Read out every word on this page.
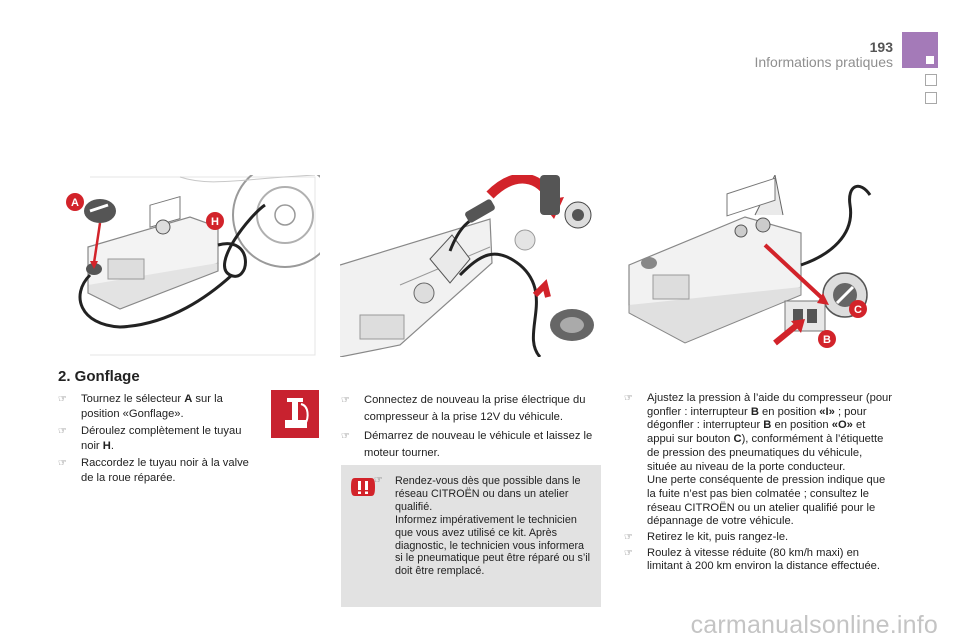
193
Informations pratiques
A
H
C
B
2. Gonflage
☞ Tournez le sélecteur A sur la position «Gonflage».
☞ Déroulez complètement le tuyau noir H.
☞ Raccordez le tuyau noir à la valve de la roue réparée.
☞ Connectez de nouveau la prise électrique du compresseur à la prise 12V du véhicule.
☞ Démarrez de nouveau le véhicule et laissez le moteur tourner.
☞ Rendez-vous dès que possible dans le réseau CITROËN ou dans un atelier qualifié.
Informez impérativement le technicien que vous avez utilisé ce kit. Après diagnostic, le technicien vous informera si le pneumatique peut être réparé ou s’il doit être remplacé.
☞ Ajustez la pression à l’aide du compresseur (pour gonfler : interrupteur B en position «I» ; pour dégonfler : interrupteur B en position «O» et appui sur bouton C), conformément à l’étiquette de pression des pneumatiques du véhicule, située au niveau de la porte conducteur.
Une perte conséquente de pression indique que la fuite n’est pas bien colmatée ; consultez le réseau CITROËN ou un atelier qualifié pour le dépannage de votre véhicule.
☞ Retirez le kit, puis rangez-le.
☞ Roulez à vitesse réduite (80 km/h maxi) en limitant à 200 km environ la distance effectuée.
carmanualsonline.info
